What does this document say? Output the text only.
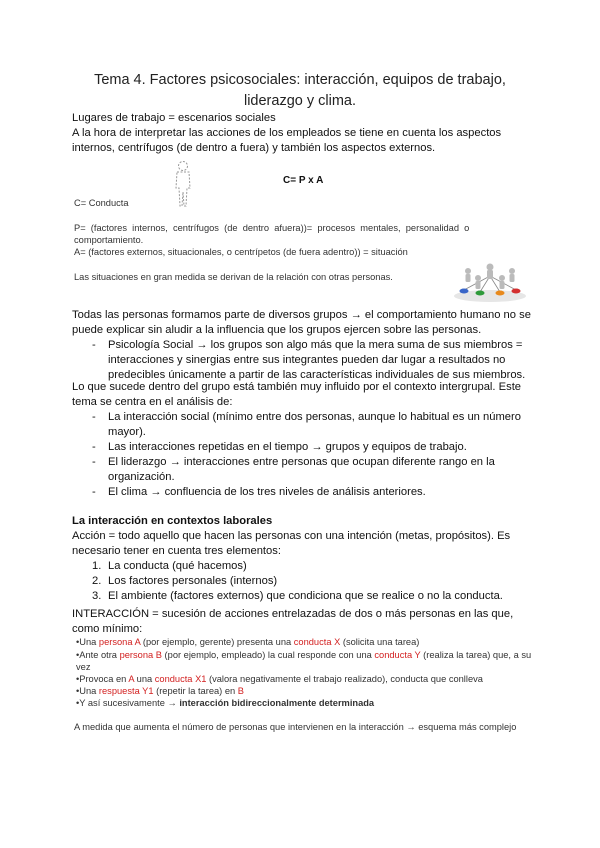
Tema 4. Factores psicosociales: interacción, equipos de trabajo,
liderazgo y clima.
Lugares de trabajo = escenarios sociales
A la hora de interpretar las acciones de los empleados se tiene en cuenta los aspectos
internos, centrífugos (de dentro a fuera) y también los aspectos externos.
C= P x A
C= Conducta
P=  (factores  internos,  centrífugos  (de  dentro  afuera))=  procesos  mentales,  personalidad  o
comportamiento.
A= (factores externos, situacionales, o centrípetos (de fuera adentro)) = situación
Las situaciones en gran medida se derivan de la relación con otras personas.
Todas las personas formamos parte de diversos grupos → el comportamiento humano no se
puede explicar sin aludir a la influencia que los grupos ejercen sobre las personas.
- Psicología Social → los grupos son algo más que la mera suma de sus miembros =
interacciones y sinergias entre sus integrantes pueden dar lugar a resultados no
predecibles únicamente a partir de las características individuales de sus miembros.
Lo que sucede dentro del grupo está también muy influido por el contexto intergrupal. Este
tema se centra en el análisis de:
- La interacción social (mínimo entre dos personas, aunque lo habitual es un número
mayor).
- Las interacciones repetidas en el tiempo → grupos y equipos de trabajo.
- El liderazgo → interacciones entre personas que ocupan diferente rango en la
organización.
- El clima → confluencia de los tres niveles de análisis anteriores.
La interacción en contextos laborales
Acción = todo aquello que hacen las personas con una intención (metas, propósitos). Es
necesario tener en cuenta tres elementos:
1. La conducta (qué hacemos)
2. Los factores personales (internos)
3. El ambiente (factores externos) que condiciona que se realice o no la conducta.
INTERACCIÓN = sucesión de acciones entrelazadas de dos o más personas en las que,
como mínimo:
•Una persona A (por ejemplo, gerente) presenta una conducta X (solicita una tarea)
•Ante otra persona B (por ejemplo, empleado) la cual responde con una conducta Y (realiza la tarea) que, a su
vez
•Provoca en A una conducta X1 (valora negativamente el trabajo realizado), conducta que conlleva
•Una respuesta Y1 (repetir la tarea) en B
•Y así sucesivamente → interacción bidireccionalmente determinada
A medida que aumenta el número de personas que intervienen en la interacción → esquema más complejo
